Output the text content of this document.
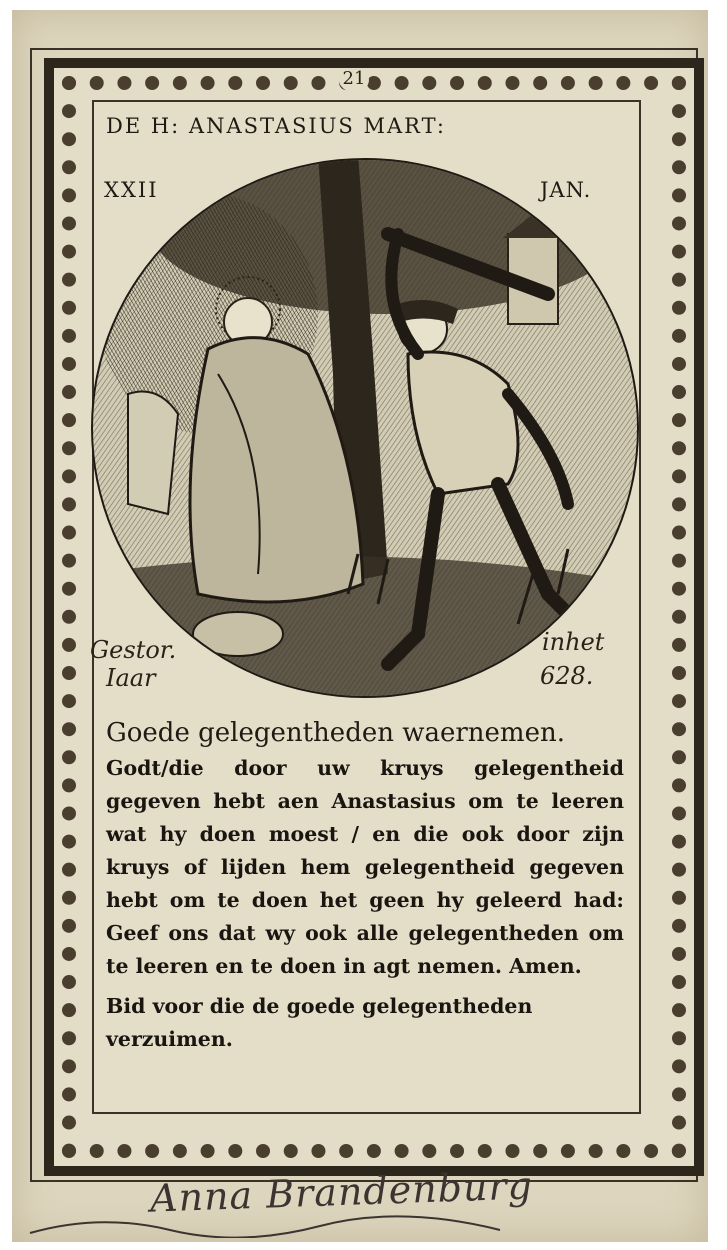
21
DE H: ANASTASIUS MART:
XXII	JAN.
Gestor.
Iaar
inhet
628.
Goede gelegentheden waernemen.

Godt/die door uw kruys gelegentheid gegeven hebt aen Anastasius om te leeren wat hy doen moest / en die ook door zijn kruys of lijden hem gelegentheid gegeven hebt om te doen het geen hy geleerd had: Geef ons dat wy ook alle gelegentheden om te leeren en te doen in agt nemen. Amen.

Bid voor die de goede gelegentheden verzuimen.
Anna Brandenburg
